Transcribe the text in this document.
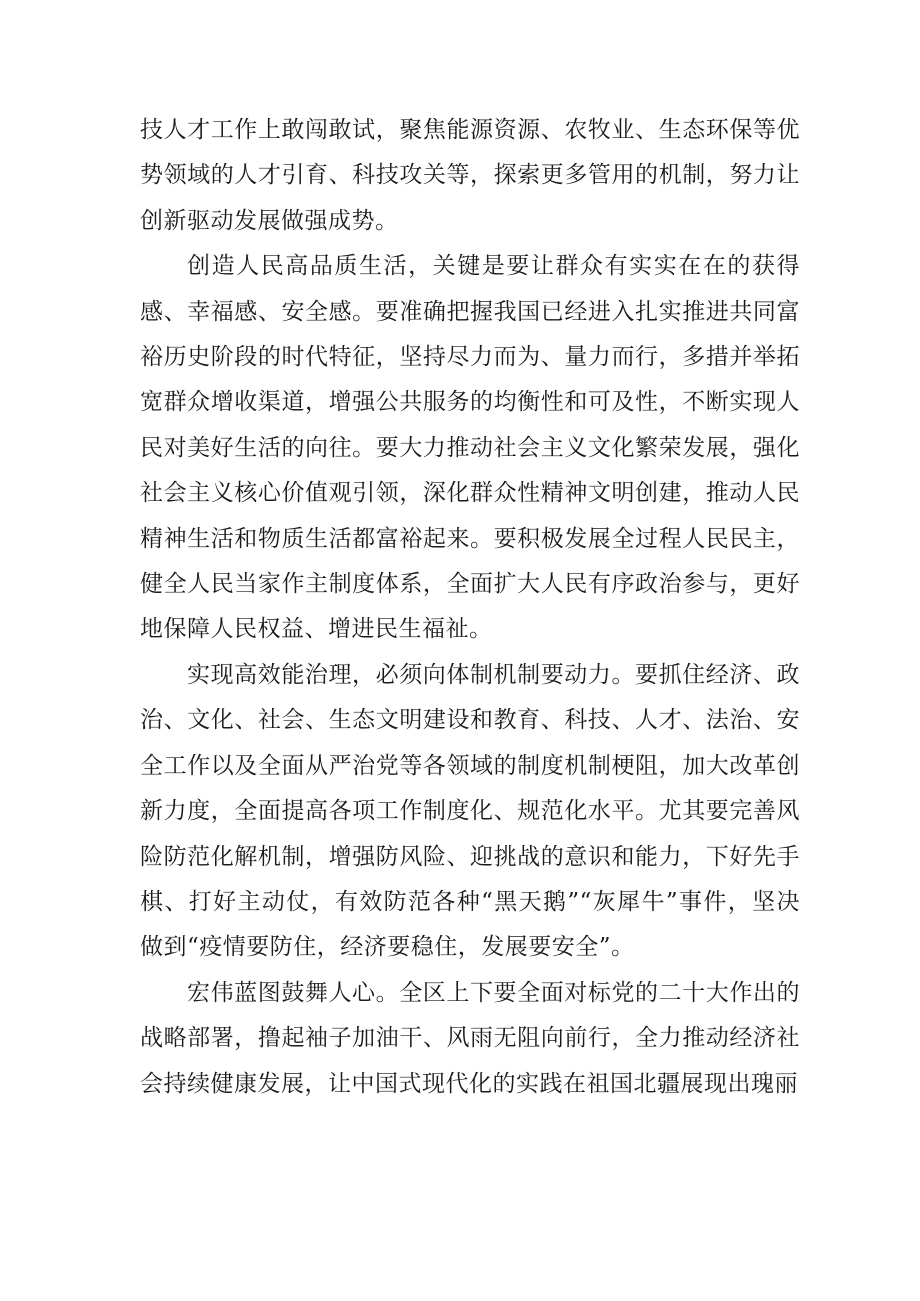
技人才工作上敢闯敢试，聚焦能源资源、农牧业、生态环保等优势领域的人才引育、科技攻关等，探索更多管用的机制，努力让创新驱动发展做强成势。

创造人民高品质生活，关键是要让群众有实实在在的获得感、幸福感、安全感。要准确把握我国已经进入扎实推进共同富裕历史阶段的时代特征，坚持尽力而为、量力而行，多措并举拓宽群众增收渠道，增强公共服务的均衡性和可及性，不断实现人民对美好生活的向往。要大力推动社会主义文化繁荣发展，强化社会主义核心价值观引领，深化群众性精神文明创建，推动人民精神生活和物质生活都富裕起来。要积极发展全过程人民民主，健全人民当家作主制度体系，全面扩大人民有序政治参与，更好地保障人民权益、增进民生福祉。

实现高效能治理，必须向体制机制要动力。要抓住经济、政治、文化、社会、生态文明建设和教育、科技、人才、法治、安全工作以及全面从严治党等各领域的制度机制梗阻，加大改革创新力度，全面提高各项工作制度化、规范化水平。尤其要完善风险防范化解机制，增强防风险、迎挑战的意识和能力，下好先手棋、打好主动仗，有效防范各种“黑天鹅”“灰犀牛”事件，坚决做到“疫情要防住，经济要稳住，发展要安全”。

宏伟蓝图鼓舞人心。全区上下要全面对标党的二十大作出的战略部署，撸起袖子加油干、风雨无阻向前行，全力推动经济社会持续健康发展，让中国式现代化的实践在祖国北疆展现出瑰丽
